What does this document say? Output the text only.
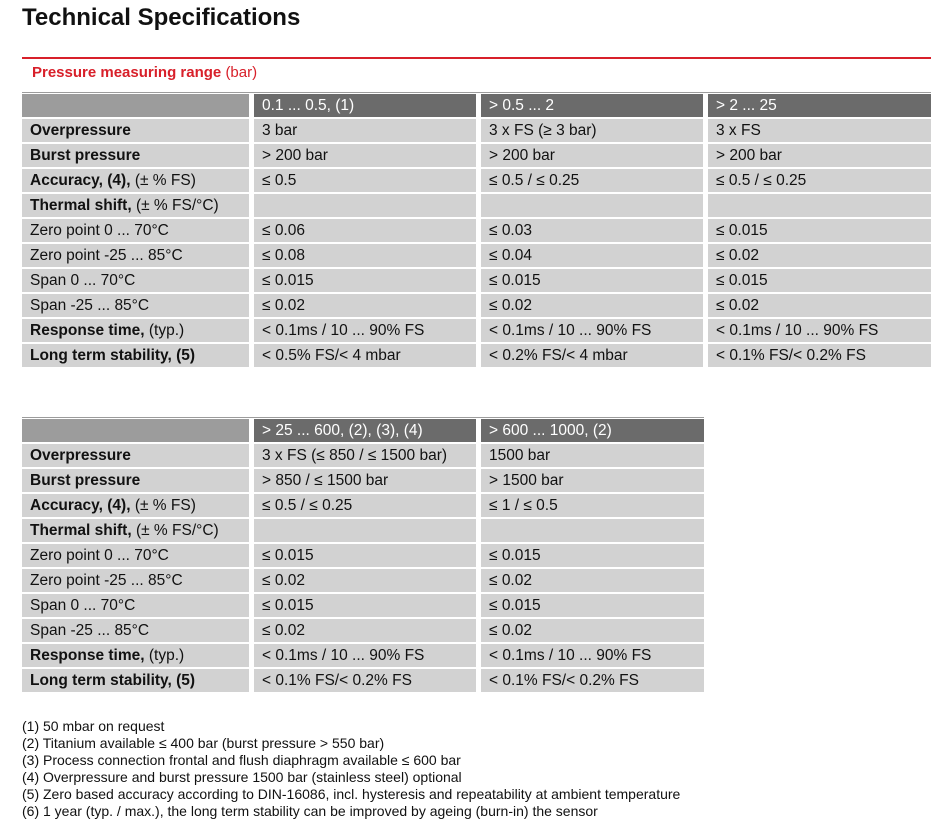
Technical Specifications
Pressure measuring range (bar)
	0.1 ... 0.5, (1)	> 0.5 ... 2	> 2 ... 25
Overpressure	3 bar	3 x FS (≥ 3 bar)	3 x FS
Burst pressure	> 200 bar	> 200 bar	> 200 bar
Accuracy, (4), (± % FS)	≤ 0.5	≤ 0.5 / ≤ 0.25	≤ 0.5 / ≤ 0.25
Thermal shift, (± % FS/°C)			
Zero point 0 ... 70°C	≤ 0.06	≤ 0.03	≤ 0.015
Zero point -25 ... 85°C	≤ 0.08	≤ 0.04	≤ 0.02
Span 0 ... 70°C	≤ 0.015	≤ 0.015	≤ 0.015
Span -25 ... 85°C	≤ 0.02	≤ 0.02	≤ 0.02
Response time, (typ.)	< 0.1ms / 10 ... 90% FS	< 0.1ms / 10 ... 90% FS	< 0.1ms / 10 ... 90% FS
Long term stability, (5)	< 0.5% FS/< 4 mbar	< 0.2% FS/< 4 mbar	< 0.1% FS/< 0.2% FS
	> 25 ... 600, (2), (3), (4)	> 600 ... 1000, (2)
Overpressure	3 x FS (≤ 850 / ≤ 1500 bar)	1500 bar
Burst pressure	> 850 / ≤ 1500 bar	> 1500 bar
Accuracy, (4), (± % FS)	≤ 0.5 / ≤ 0.25	≤ 1 / ≤ 0.5
Thermal shift, (± % FS/°C)		
Zero point 0 ... 70°C	≤ 0.015	≤ 0.015
Zero point -25 ... 85°C	≤ 0.02	≤ 0.02
Span 0 ... 70°C	≤ 0.015	≤ 0.015
Span -25 ... 85°C	≤ 0.02	≤ 0.02
Response time, (typ.)	< 0.1ms / 10 ... 90% FS	< 0.1ms / 10 ... 90% FS
Long term stability, (5)	< 0.1% FS/< 0.2% FS	< 0.1% FS/< 0.2% FS
(1) 50 mbar on request
(2) Titanium available ≤ 400 bar (burst pressure > 550 bar)
(3) Process connection frontal and flush diaphragm available ≤ 600 bar
(4) Overpressure and burst pressure 1500 bar (stainless steel) optional
(5) Zero based accuracy according to DIN-16086, incl. hysteresis and repeatability at ambient temperature
(6) 1 year (typ. / max.), the long term stability can be improved by ageing (burn-in) the sensor
